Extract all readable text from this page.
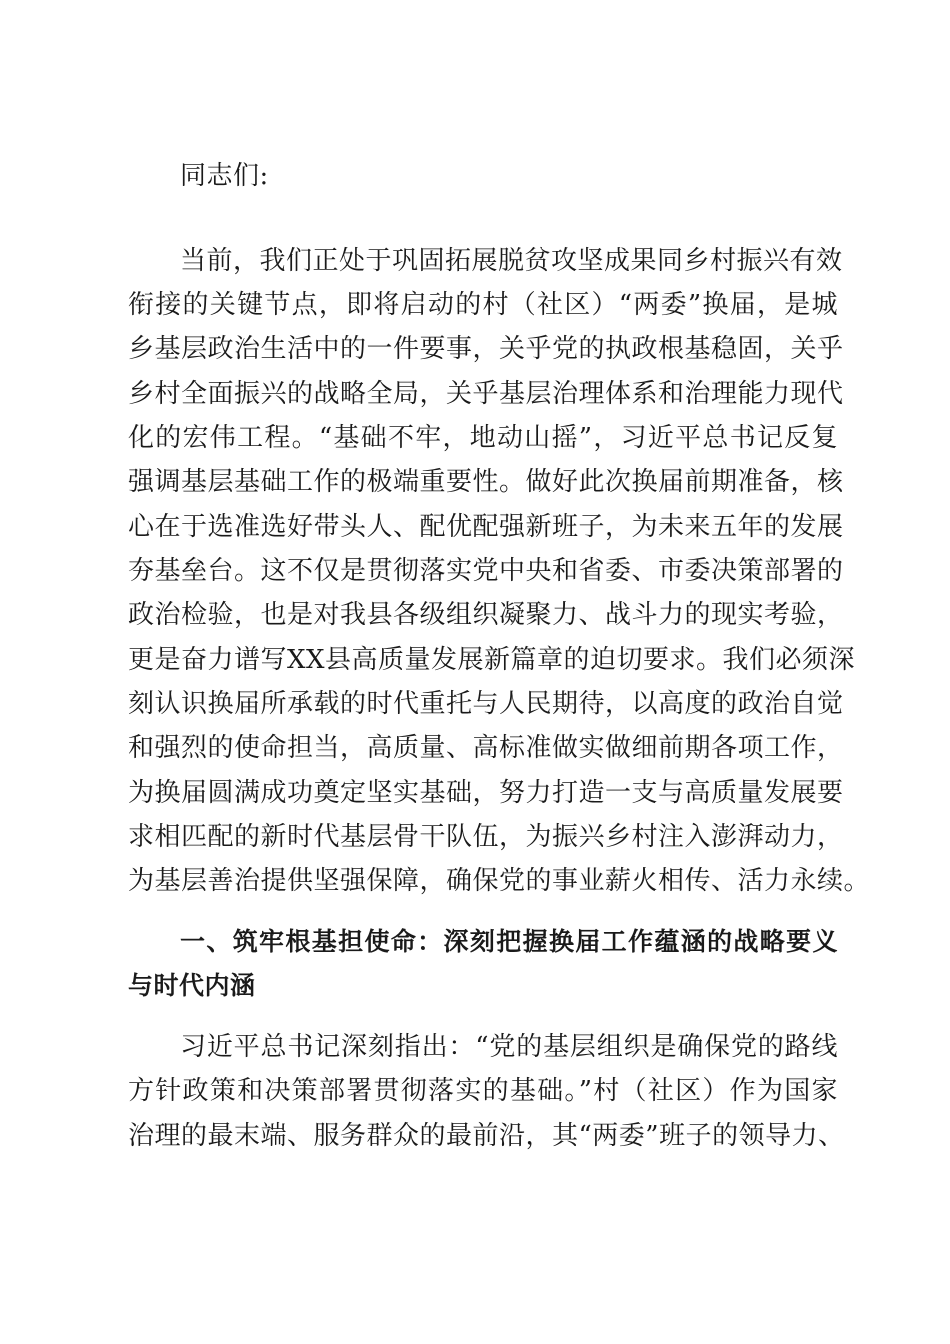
同志们:
当前，我们正处于巩固拓展脱贫攻坚成果同乡村振兴有效
衔接的关键节点，即将启动的村（社区）“两委”换届，是城
乡基层政治生活中的一件要事，关乎党的执政根基稳固，关乎
乡村全面振兴的战略全局，关乎基层治理体系和治理能力现代
化的宏伟工程。“基础不牢，地动山摇”，习近平总书记反复
强调基层基础工作的极端重要性。做好此次换届前期准备，核
心在于选准选好带头人、配优配强新班子，为未来五年的发展
夯基垒台。这不仅是贯彻落实党中央和省委、市委决策部署的
政治检验，也是对我县各级组织凝聚力、战斗力的现实考验，
更是奋力谱写XX县高质量发展新篇章的迫切要求。我们必须深
刻认识换届所承载的时代重托与人民期待，以高度的政治自觉
和强烈的使命担当，高质量、高标准做实做细前期各项工作，
为换届圆满成功奠定坚实基础，努力打造一支与高质量发展要
求相匹配的新时代基层骨干队伍，为振兴乡村注入澎湃动力，
为基层善治提供坚强保障，确保党的事业薪火相传、活力永续。
一、筑牢根基担使命：深刻把握换届工作蕴涵的战略要义
与时代内涵
习近平总书记深刻指出：“党的基层组织是确保党的路线
方针政策和决策部署贯彻落实的基础。”村（社区）作为国家
治理的最末端、服务群众的最前沿，其“两委”班子的领导力、
